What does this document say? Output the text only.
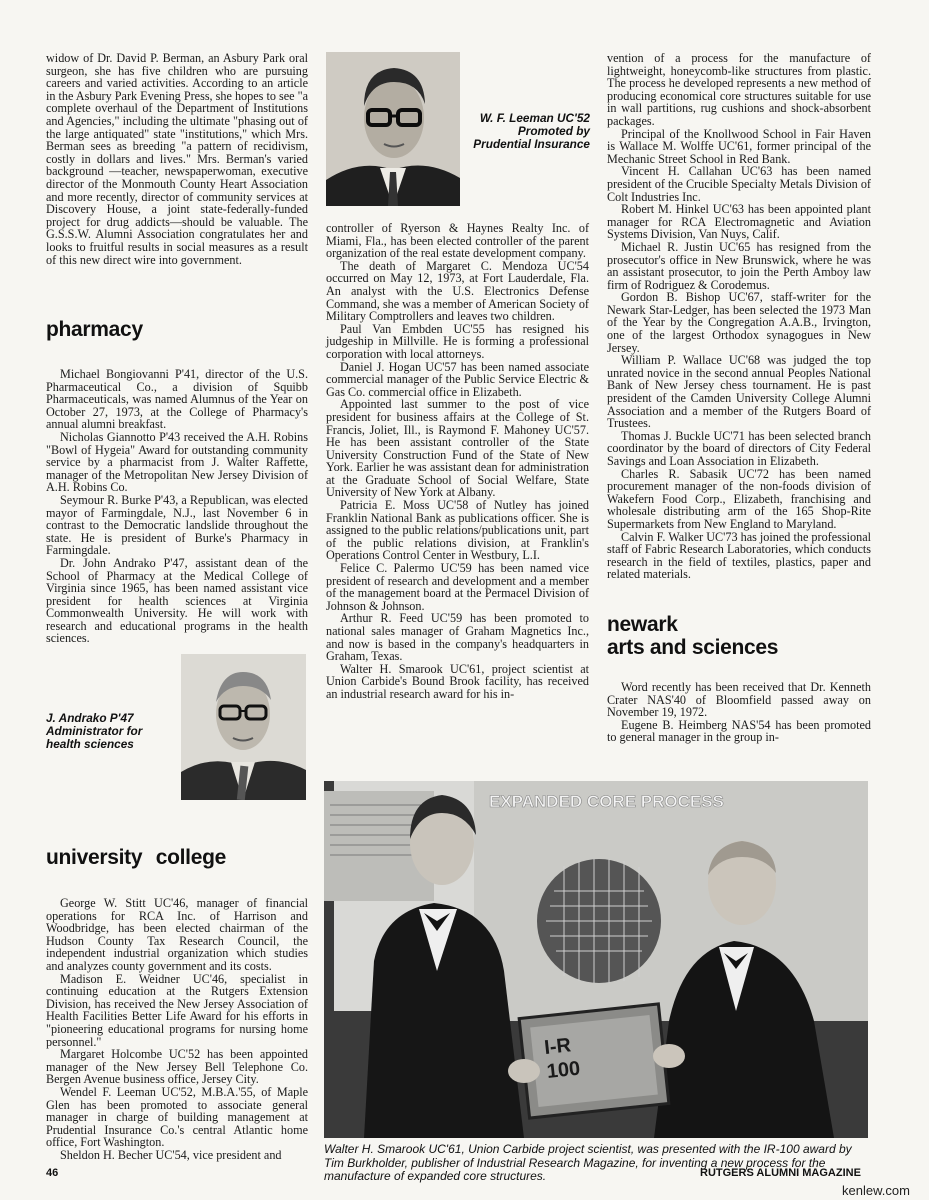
widow of Dr. David P. Berman, an Asbury Park oral surgeon, she has five children who are pursuing careers and varied activities. According to an article in the Asbury Park Evening Press, she hopes to see "a complete overhaul of the Department of Institutions and Agencies," including the ultimate "phasing out of the large antiquated" state "institutions," which Mrs. Berman sees as breeding "a pattern of recidivism, costly in dollars and lives." Mrs. Berman's varied background —teacher, newspaperwoman, executive director of the Monmouth County Heart Association and more recently, director of community services at Discovery House, a joint state-federally-funded project for drug addicts—should be valuable. The G.S.S.W. Alumni Association congratulates her and looks to fruitful results in social measures as a result of this new direct wire into government.

pharmacy

Michael Bongiovanni P'41, director of the U.S. Pharmaceutical Co., a division of Squibb Pharmaceuticals, was named Alumnus of the Year on October 27, 1973, at the College of Pharmacy's annual alumni breakfast.

Nicholas Giannotto P'43 received the A.H. Robins "Bowl of Hygeia" Award for outstanding community service by a pharmacist from J. Walter Raffette, manager of the Metropolitan New Jersey Division of A.H. Robins Co.

Seymour R. Burke P'43, a Republican, was elected mayor of Farmingdale, N.J., last November 6 in contrast to the Democratic landslide throughout the state. He is president of Burke's Pharmacy in Farmingdale.

Dr. John Andrako P'47, assistant dean of the School of Pharmacy at the Medical College of Virginia since 1965, has been named assistant vice president for health sciences at Virginia Commonwealth University. He will work with research and educational programs in the health sciences.

J. Andrako P'47
Administrator for
health sciences
university college

George W. Stitt UC'46, manager of financial operations for RCA Inc. of Harrison and Woodbridge, has been elected chairman of the Hudson County Tax Research Council, the independent industrial organization which studies and analyzes county government and its costs.

Madison E. Weidner UC'46, specialist in continuing education at the Rutgers Extension Division, has received the New Jersey Association of Health Facilities Better Life Award for his efforts in "pioneering educational programs for nursing home personnel."

Margaret Holcombe UC'52 has been appointed manager of the New Jersey Bell Telephone Co. Bergen Avenue business office, Jersey City.

Wendel F. Leeman UC'52, M.B.A.'55, of Maple Glen has been promoted to associate general manager in charge of building management at Prudential Insurance Co.'s central Atlantic home office, Fort Washington.

Sheldon H. Becher UC'54, vice president and

W. F. Leeman UC'52
Promoted by
Prudential Insurance

controller of Ryerson & Haynes Realty Inc. of Miami, Fla., has been elected controller of the parent organization of the real estate development company.

The death of Margaret C. Mendoza UC'54 occurred on May 12, 1973, at Fort Lauderdale, Fla. An analyst with the U.S. Electronics Defense Command, she was a member of American Society of Military Comptrollers and leaves two children.

Paul Van Embden UC'55 has resigned his judgeship in Millville. He is forming a professional corporation with local attorneys.

Daniel J. Hogan UC'57 has been named associate commercial manager of the Public Service Electric & Gas Co. commercial office in Elizabeth.

Appointed last summer to the post of vice president for business affairs at the College of St. Francis, Joliet, Ill., is Raymond F. Mahoney UC'57. He has been assistant controller of the State University Construction Fund of the State of New York. Earlier he was assistant dean for administration at the Graduate School of Social Welfare, State University of New York at Albany.

Patricia E. Moss UC'58 of Nutley has joined Franklin National Bank as publications officer. She is assigned to the public relations/publications unit, part of the public relations division, at Franklin's Operations Control Center in Westbury, L.I.

Felice C. Palermo UC'59 has been named vice president of research and development and a member of the management board at the Permacel Division of Johnson & Johnson.

Arthur R. Feed UC'59 has been promoted to national sales manager of Graham Magnetics Inc., and now is based in the company's headquarters in Graham, Texas.

Walter H. Smarook UC'61, project scientist at Union Carbide's Bound Brook facility, has received an industrial research award for his in-

vention of a process for the manufacture of lightweight, honeycomb-like structures from plastic. The process he developed represents a new method of producing economical core structures suitable for use in wall partitions, rug cushions and shock-absorbent packages.

Principal of the Knollwood School in Fair Haven is Wallace M. Wolffe UC'61, former principal of the Mechanic Street School in Red Bank.

Vincent H. Callahan UC'63 has been named president of the Crucible Specialty Metals Division of Colt Industries Inc.

Robert M. Hinkel UC'63 has been appointed plant manager for RCA Electromagnetic and Aviation Systems Division, Van Nuys, Calif.

Michael R. Justin UC'65 has resigned from the prosecutor's office in New Brunswick, where he was an assistant prosecutor, to join the Perth Amboy law firm of Rodriguez & Corodemus.

Gordon B. Bishop UC'67, staff-writer for the Newark Star-Ledger, has been selected the 1973 Man of the Year by the Congregation A.A.B., Irvington, one of the largest Orthodox synagogues in New Jersey.

William P. Wallace UC'68 was judged the top unrated novice in the second annual Peoples National Bank of New Jersey chess tournament. He is past president of the Camden University College Alumni Association and a member of the Rutgers Board of Trustees.

Thomas J. Buckle UC'71 has been selected branch coordinator by the board of directors of City Federal Savings and Loan Association in Elizabeth.

Charles R. Sabasik UC'72 has been named procurement manager of the non-foods division of Wakefern Food Corp., Elizabeth, franchising and wholesale distributing arm of the 165 Shop-Rite Supermarkets from New England to Maryland.

Calvin F. Walker UC'73 has joined the professional staff of Fabric Research Laboratories, which conducts research in the field of textiles, plastics, paper and related materials.

newark
arts and sciences

Word recently has been received that Dr. Kenneth Crater NAS'40 of Bloomfield passed away on November 19, 1972.

Eugene B. Heimberg NAS'54 has been promoted to general manager in the group in-

EXPANDED CORE PROCESS
I-R
100
Walter H. Smarook UC'61, Union Carbide project scientist, was presented with the IR-100 award by Tim Burkholder, publisher of Industrial Research Magazine, for inventing a new process for the manufacture of expanded core structures.
46	RUTGERS ALUMNI MAGAZINE
kenlew.com
